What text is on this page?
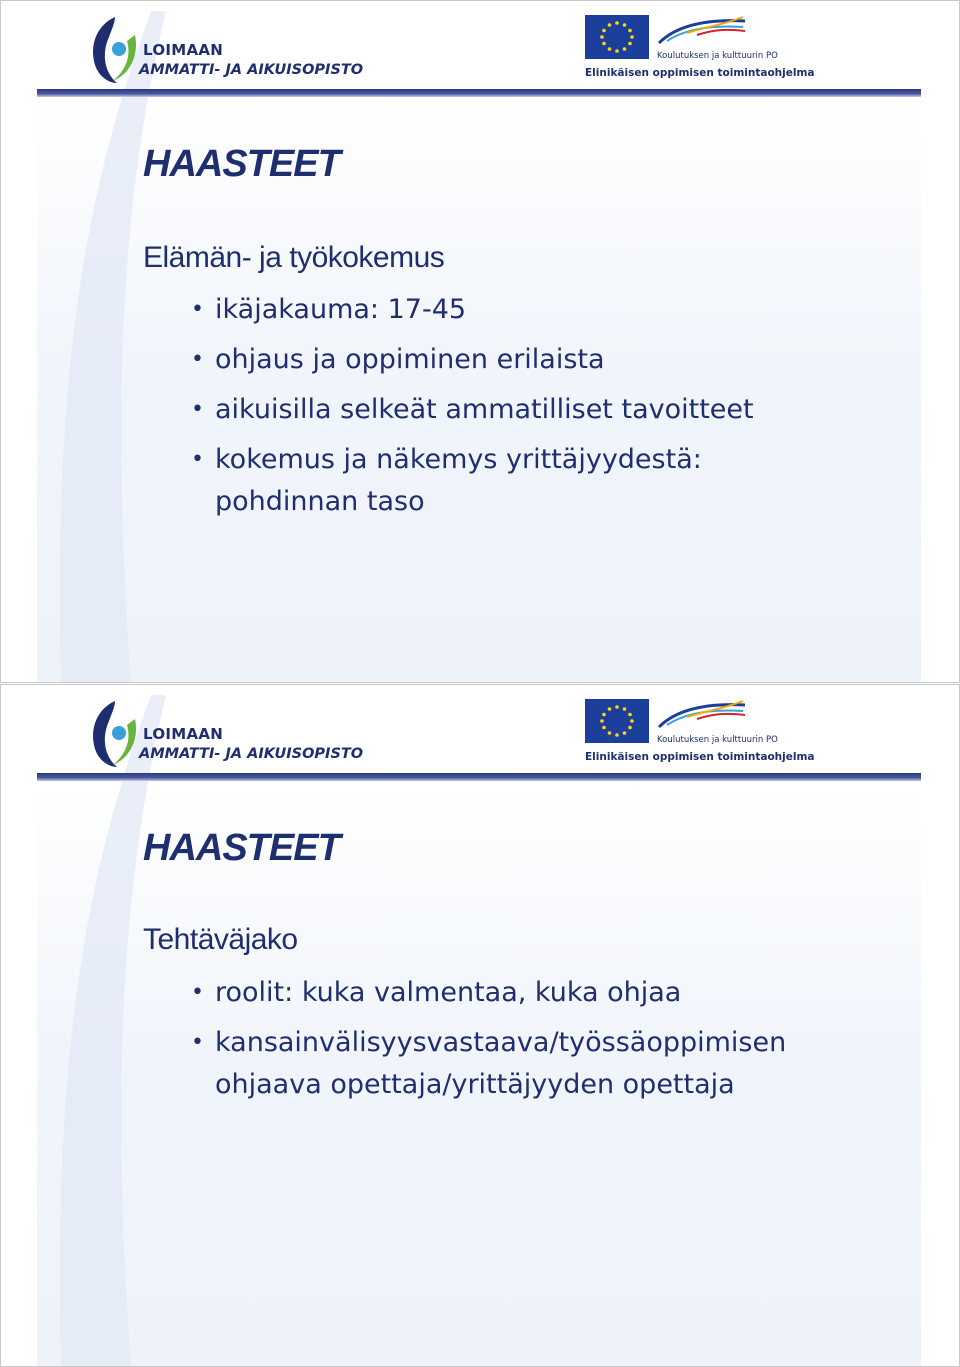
LOIMAAN
AMMATTI- JA AIKUISOPISTO
Koulutuksen ja kulttuurin PO
Elinikäisen oppimisen toimintaohjelma
HAASTEET
Elämän- ja työkokemus
• ikäjakauma: 17-45
• ohjaus ja oppiminen erilaista
• aikuisilla selkeät ammatilliset tavoitteet
• kokemus ja näkemys yrittäjyydestä:
pohdinnan taso
LOIMAAN
AMMATTI- JA AIKUISOPISTO
Koulutuksen ja kulttuurin PO
Elinikäisen oppimisen toimintaohjelma
HAASTEET
Tehtäväjako
• roolit: kuka valmentaa, kuka ohjaa
• kansainvälisyysvastaava/työssäoppimisen
ohjaava opettaja/yrittäjyyden opettaja
